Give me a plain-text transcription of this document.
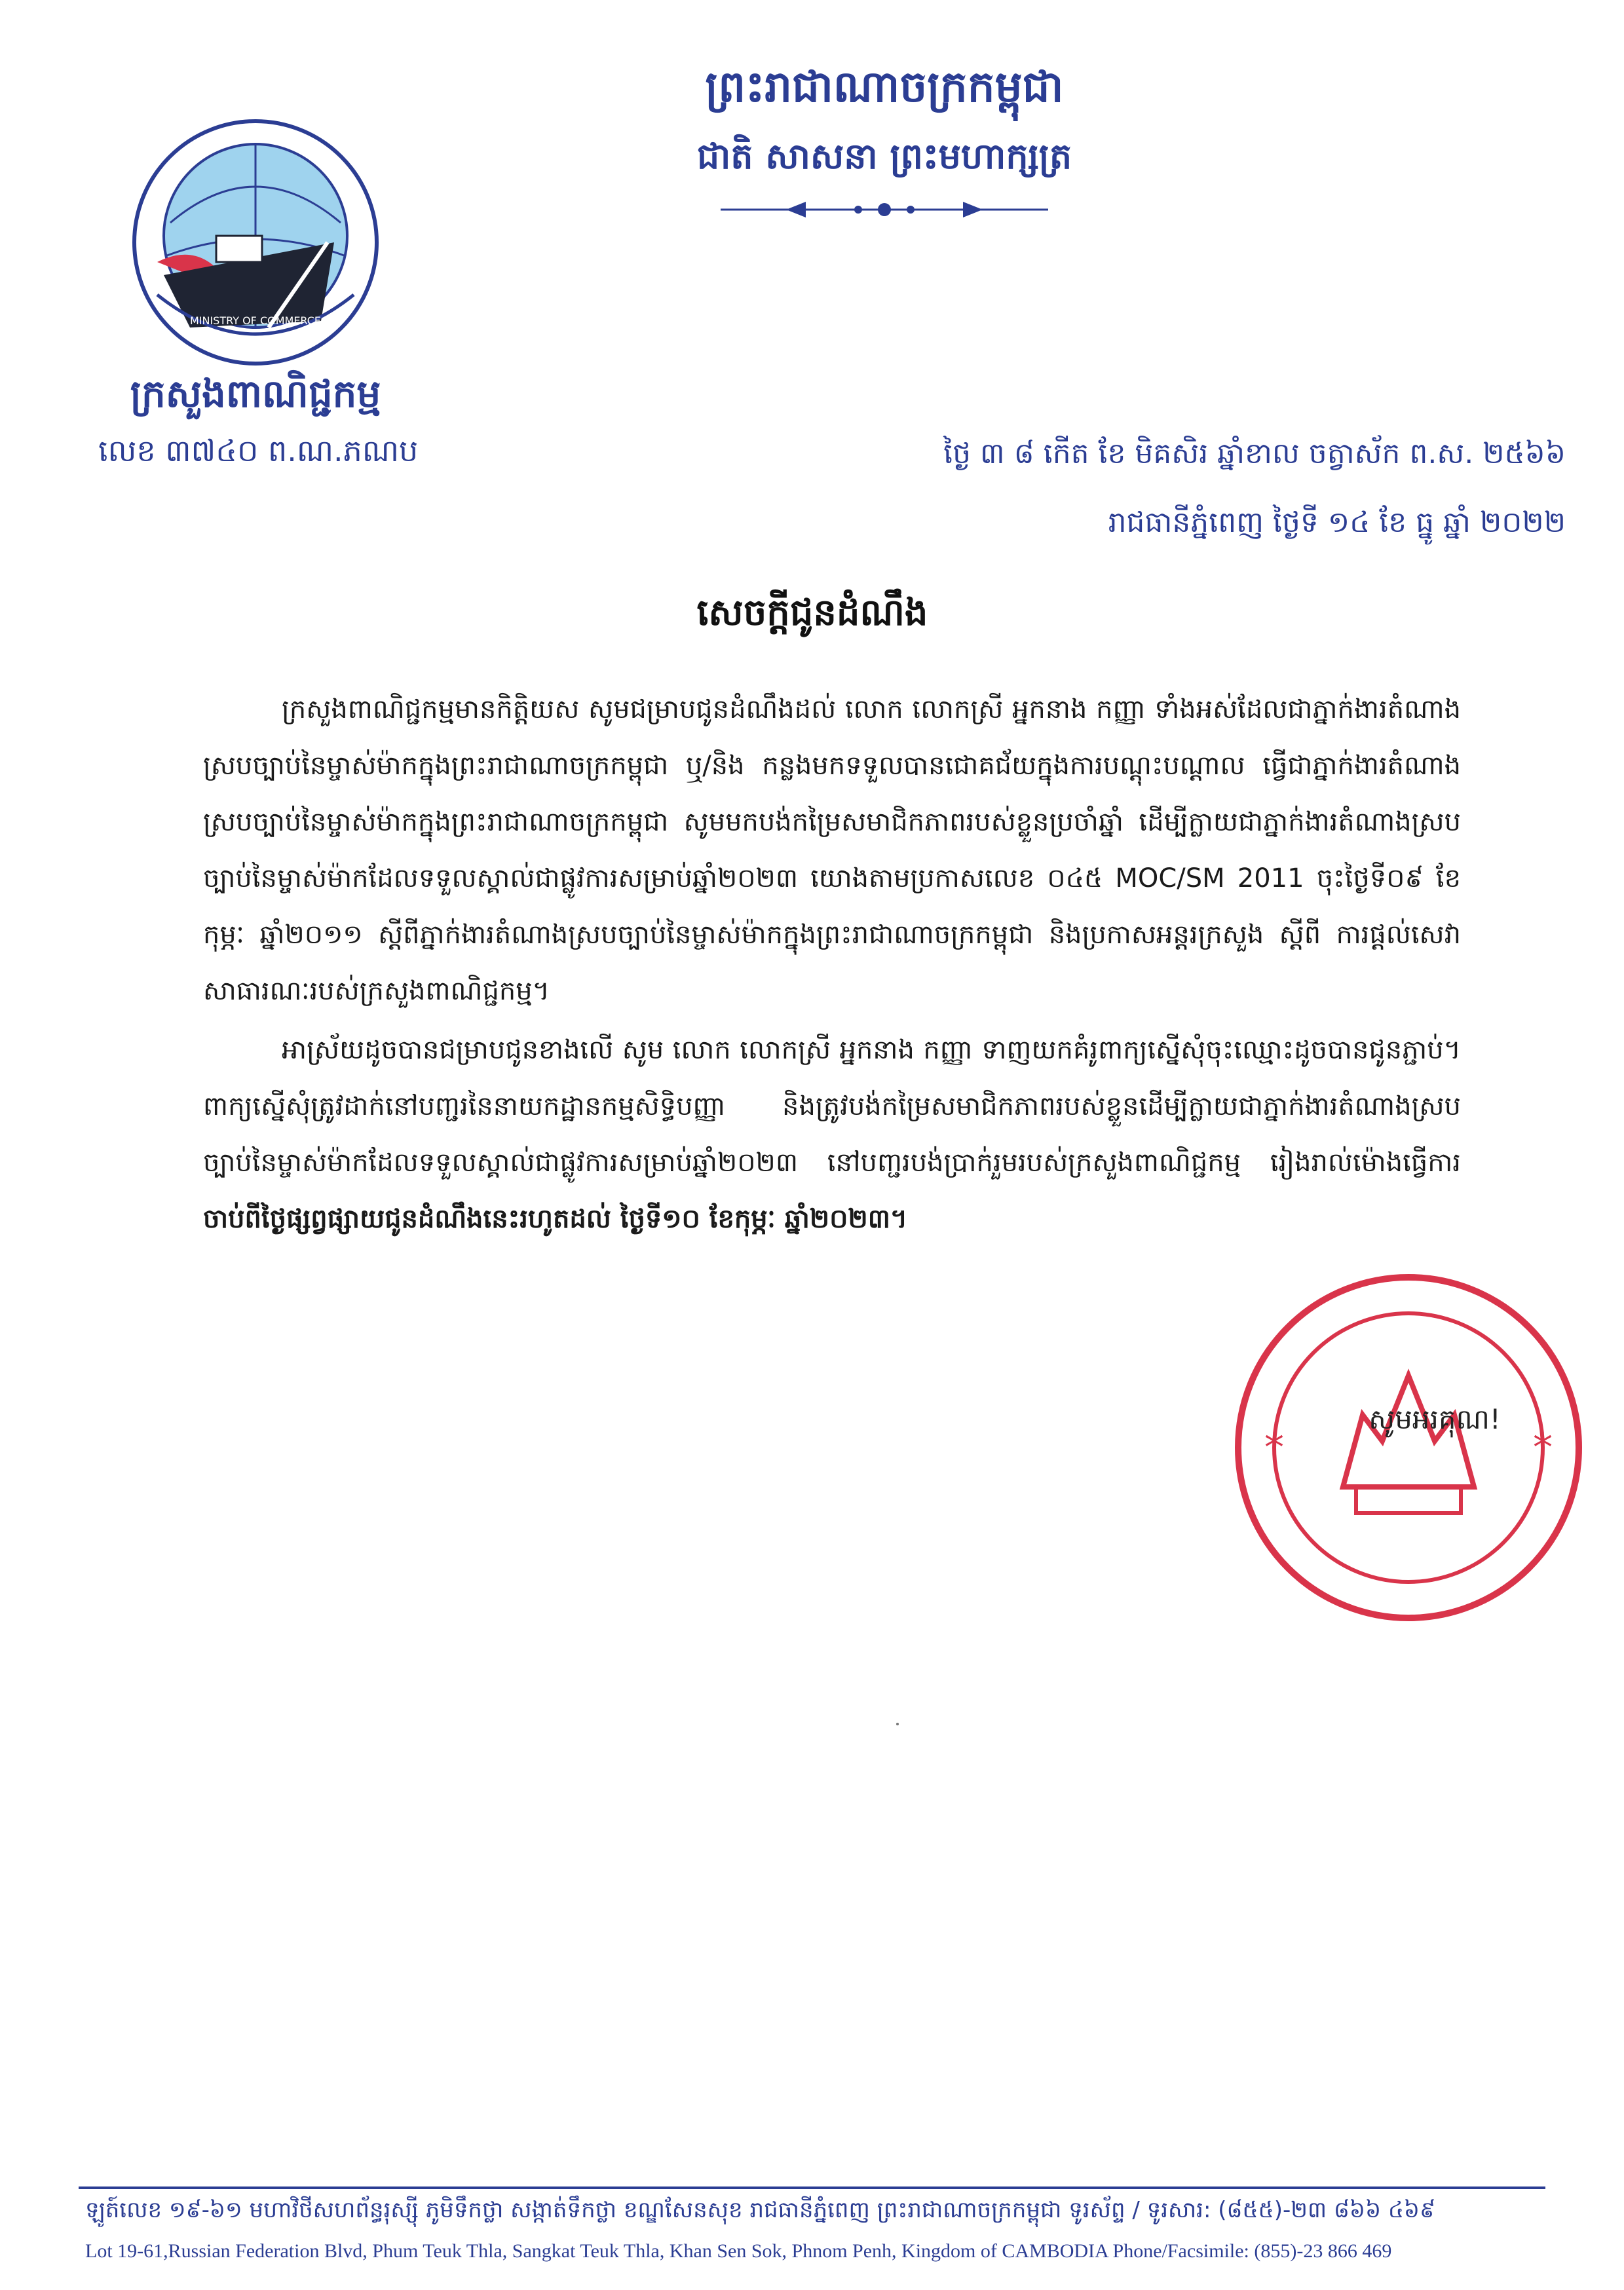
ព្រះរាជាណាចក្រកម្ពុជា
ជាតិ សាសនា ព្រះមហាក្សត្រ
MINISTRY OF COMMERCE
ក្រសួងពាណិជ្ជកម្ម
លេខ ៣៧៤០ ព.ណ.ភណប	ថ្ងៃ ៣ ៨ កើត ខែ មិគសិរ ឆ្នាំខាល ចត្វាស័ក ព.ស. ២៥៦៦
រាជធានីភ្នំពេញ ថ្ងៃទី ១៤ ខែ ធ្នូ ឆ្នាំ ២០២២
សេចក្តីជូនដំណឹង
ក្រសួងពាណិជ្ជកម្មមានកិត្តិយស សូមជម្រាបជូនដំណឹងដល់ លោក លោកស្រី អ្នកនាង កញ្ញា ទាំងអស់ដែលជាភ្នាក់ងារតំណាងស្របច្បាប់នៃម្ចាស់ម៉ាកក្នុងព្រះរាជាណាចក្រកម្ពុជា ឬ/និង កន្លងមកទទួលបានជោគជ័យក្នុងការបណ្តុះបណ្តាល ធ្វើជាភ្នាក់ងារតំណាងស្របច្បាប់នៃម្ចាស់ម៉ាកក្នុងព្រះរាជាណាចក្រកម្ពុជា សូមមកបង់កម្រៃសមាជិកភាពរបស់ខ្លួនប្រចាំឆ្នាំ ដើម្បីក្លាយជាភ្នាក់ងារតំណាងស្របច្បាប់នៃម្ចាស់ម៉ាកដែលទទួលស្គាល់ជាផ្លូវការសម្រាប់ឆ្នាំ២០២៣ យោងតាមប្រកាសលេខ ០៤៥ MOC/SM 2011 ចុះថ្ងៃទី០៩ ខែកុម្ភៈ ឆ្នាំ២០១១ ស្តីពីភ្នាក់ងារតំណាងស្របច្បាប់នៃម្ចាស់ម៉ាកក្នុងព្រះរាជាណាចក្រកម្ពុជា និងប្រកាសអន្តរក្រសួង ស្តីពី ការផ្តល់សេវាសាធារណៈរបស់ក្រសួងពាណិជ្ជកម្ម។
អាស្រ័យដូចបានជម្រាបជូនខាងលើ សូម លោក លោកស្រី អ្នកនាង កញ្ញា ទាញយកគំរូពាក្យស្នើសុំចុះឈ្មោះដូចបានជូនភ្ជាប់។ ពាក្យស្នើសុំត្រូវដាក់នៅបញ្ជរនៃនាយកដ្ឋានកម្មសិទ្ធិបញ្ញា និងត្រូវបង់កម្រៃសមាជិកភាពរបស់ខ្លួនដើម្បីក្លាយជាភ្នាក់ងារតំណាងស្របច្បាប់នៃម្ចាស់ម៉ាកដែលទទួលស្គាល់ជាផ្លូវការសម្រាប់ឆ្នាំ២០២៣ នៅបញ្ជរបង់ប្រាក់រួមរបស់ក្រសួងពាណិជ្ជកម្ម រៀងរាល់ម៉ោងធ្វើការ ចាប់ពីថ្ងៃផ្សព្វផ្សាយជូនដំណឹងនេះរហូតដល់ ថ្ងៃទី១០ ខែកុម្ភៈ ឆ្នាំ២០២៣។
*	*
សូមអរគុណ!
ឡូត៍លេខ ១៩-៦១ មហាវិថីសហព័ន្ធរុស្ស៊ី ភូមិទឹកថ្លា សង្កាត់ទឹកថ្លា ខណ្ឌសែនសុខ រាជធានីភ្នំពេញ ព្រះរាជាណាចក្រកម្ពុជា ទូរស័ព្ទ / ទូរសារ: (៨៥៥)-២៣ ៨៦៦ ៤៦៩
Lot 19-61,Russian Federation Blvd, Phum Teuk Thla, Sangkat Teuk Thla, Khan Sen Sok, Phnom Penh, Kingdom of CAMBODIA Phone/Facsimile: (855)-23 866 469
